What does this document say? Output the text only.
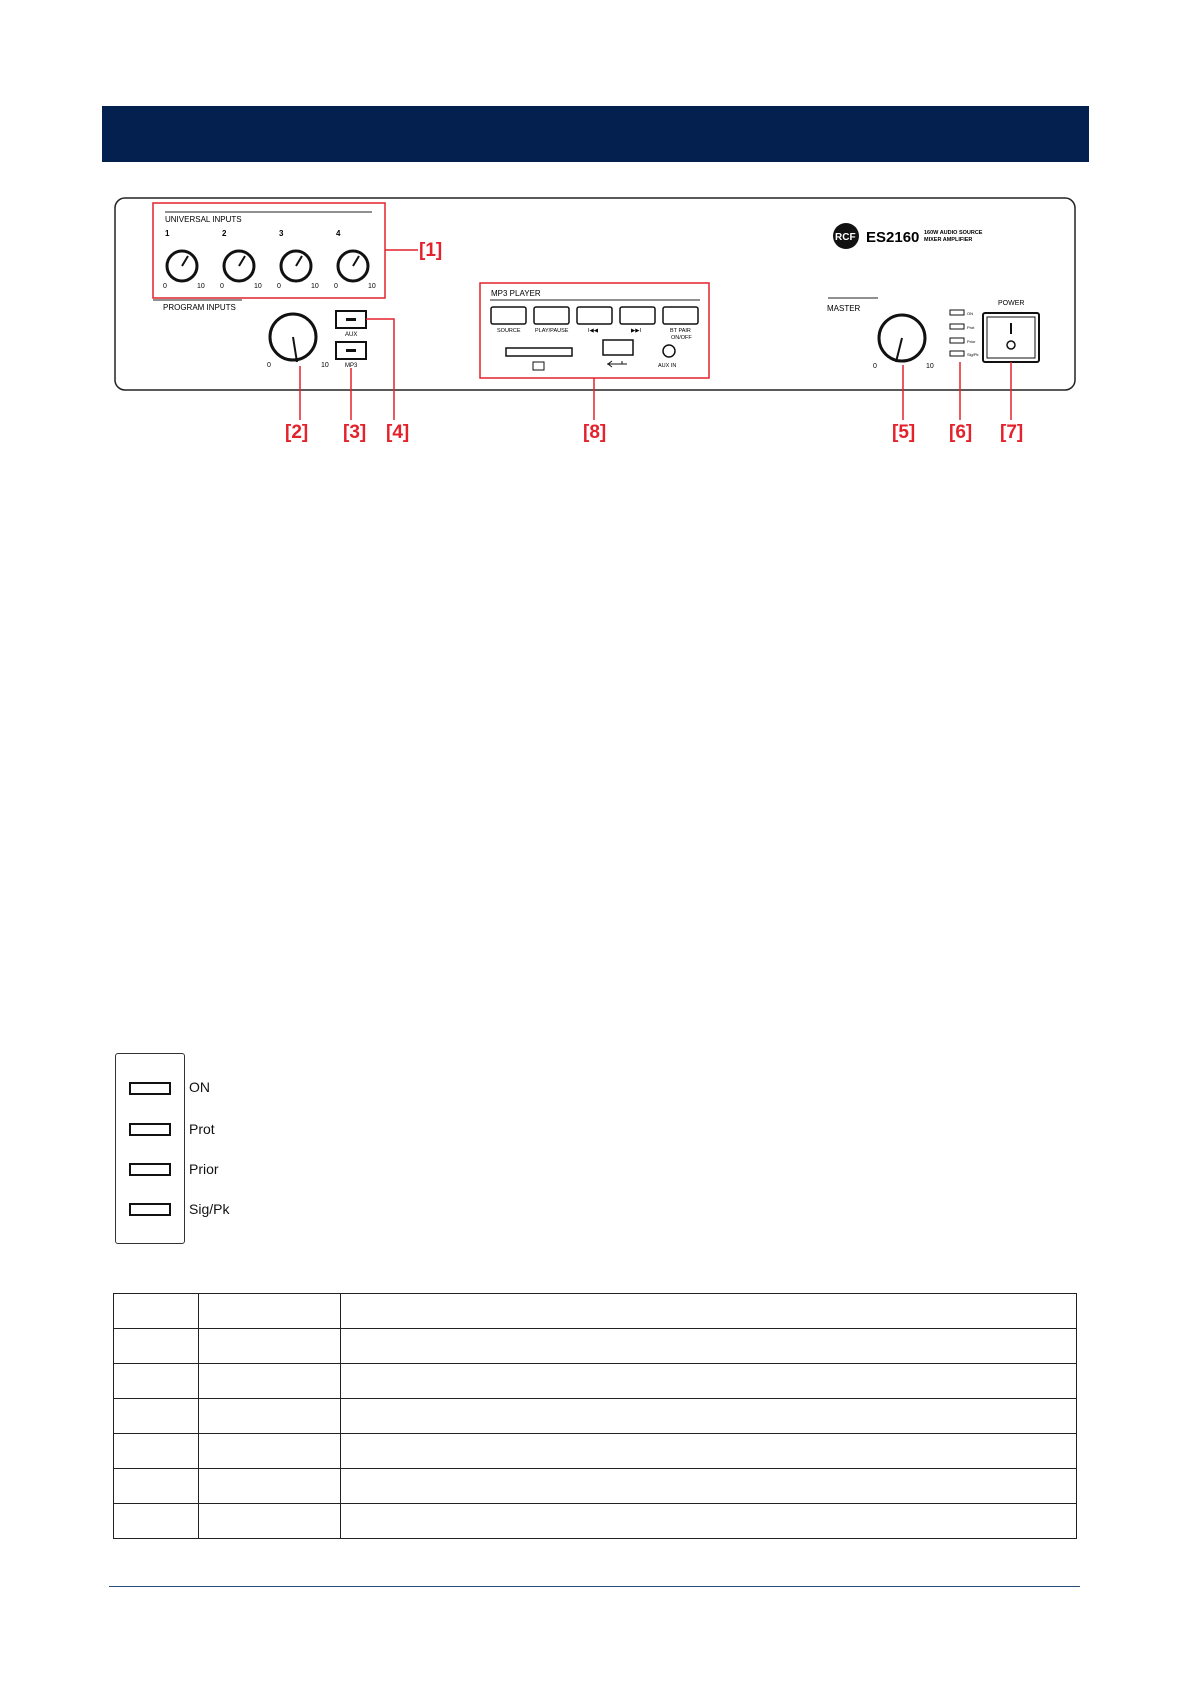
UNIVERSAL INPUTS
1
0	10
2
0	10
3
0	10
4
0	10
PROGRAM INPUTS
0	10
AUX
MP3
MP3 PLAYER
SOURCE	PLAY/PAUSE	I◀◀	▶▶I	BT PAIR
ON/OFF
AUX IN
RCF ES2160 160W AUDIO SOURCE
MIXER AMPLIFIER
MASTER
0	10
ON
Prot
Prior
Sig/Pk
POWER
[1]
[2] [3] [4]	[8]	[5] [6] [7]
ON
Prot
Prior
Sig/Pk
